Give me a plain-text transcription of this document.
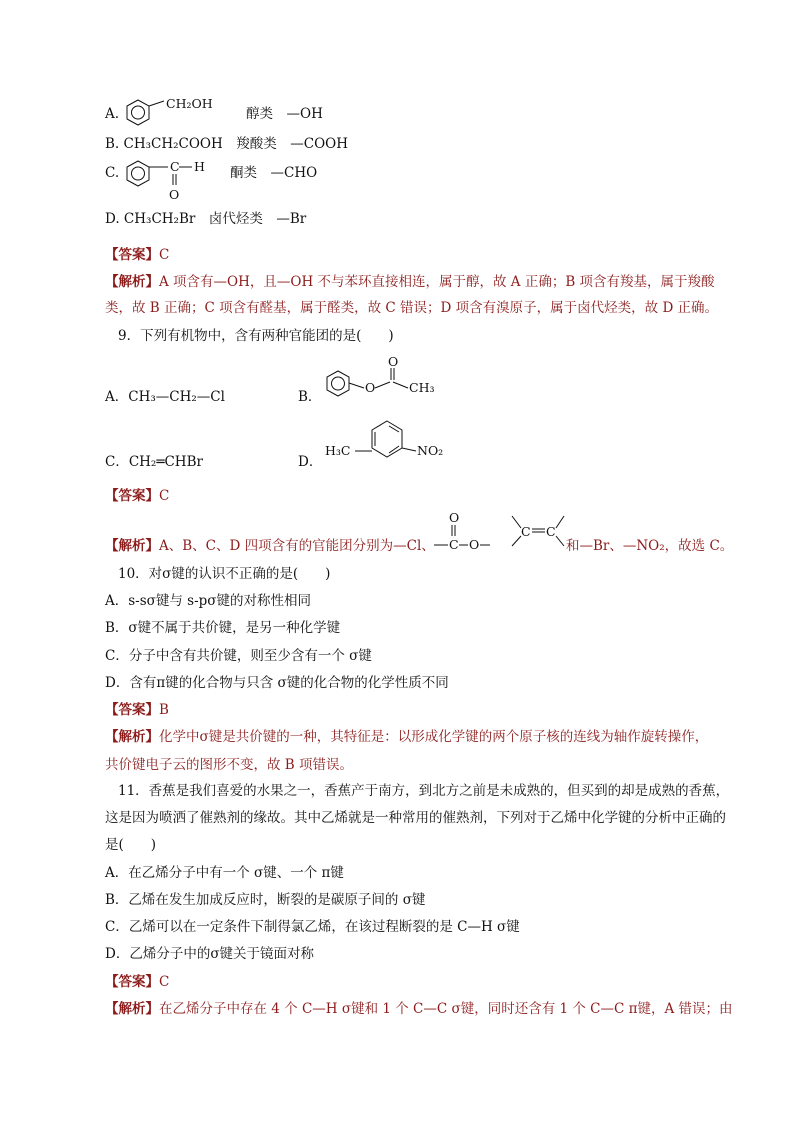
A.
CH₂OH
醇类　 —OH
B. CH₃CH₂COOH　 羧酸类　 —COOH
C.	C H
O
酮类　 —CHO
D. CH₃CH₂Br　 卤代烃类　 —Br
【答案】C
【解析】A 项含有—OH，且—OH 不与苯环直接相连，属于醇，故 A 正确；B 项含有羧基，属于羧酸
类，故 B 正确；C 项含有醛基，属于醛类，故 C 错误；D 项含有溴原子，属于卤代烃类，故 D 正确。
9．下列有机物中，含有两种官能团的是(　　)
A．CH₃—CH₂—Cl	B．
O
O
CH₃
C．CH₂═CHBr	D．
H₃C	NO₂
【答案】C
【解析】A、B、C、D 四项含有的官能团分别为—Cl、
O
C O
C C
和—Br、—NO₂，故选 C。
10．对σ键的认识不正确的是(　　)
A．s-sσ键与 s-pσ键的对称性相同
B．σ键不属于共价键，是另一种化学键
C．分子中含有共价键，则至少含有一个 σ键
D．含有π键的化合物与只含 σ键的化合物的化学性质不同
【答案】B
【解析】化学中σ键是共价键的一种，其特征是：以形成化学键的两个原子核的连线为轴作旋转操作，
共价键电子云的图形不变，故 B 项错误。
11．香蕉是我们喜爱的水果之一，香蕉产于南方，到北方之前是未成熟的，但买到的却是成熟的香蕉，
这是因为喷洒了催熟剂的缘故。其中乙烯就是一种常用的催熟剂，下列对于乙烯中化学键的分析中正确的
是(　　)
A．在乙烯分子中有一个 σ键、一个 π键
B．乙烯在发生加成反应时，断裂的是碳原子间的 σ键
C．乙烯可以在一定条件下制得氯乙烯，在该过程断裂的是 C—H σ键
D．乙烯分子中的σ键关于镜面对称
【答案】C
【解析】在乙烯分子中存在 4 个 C—H σ键和 1 个 C—C σ键，同时还含有 1 个 C—C π键，A 错误；由
